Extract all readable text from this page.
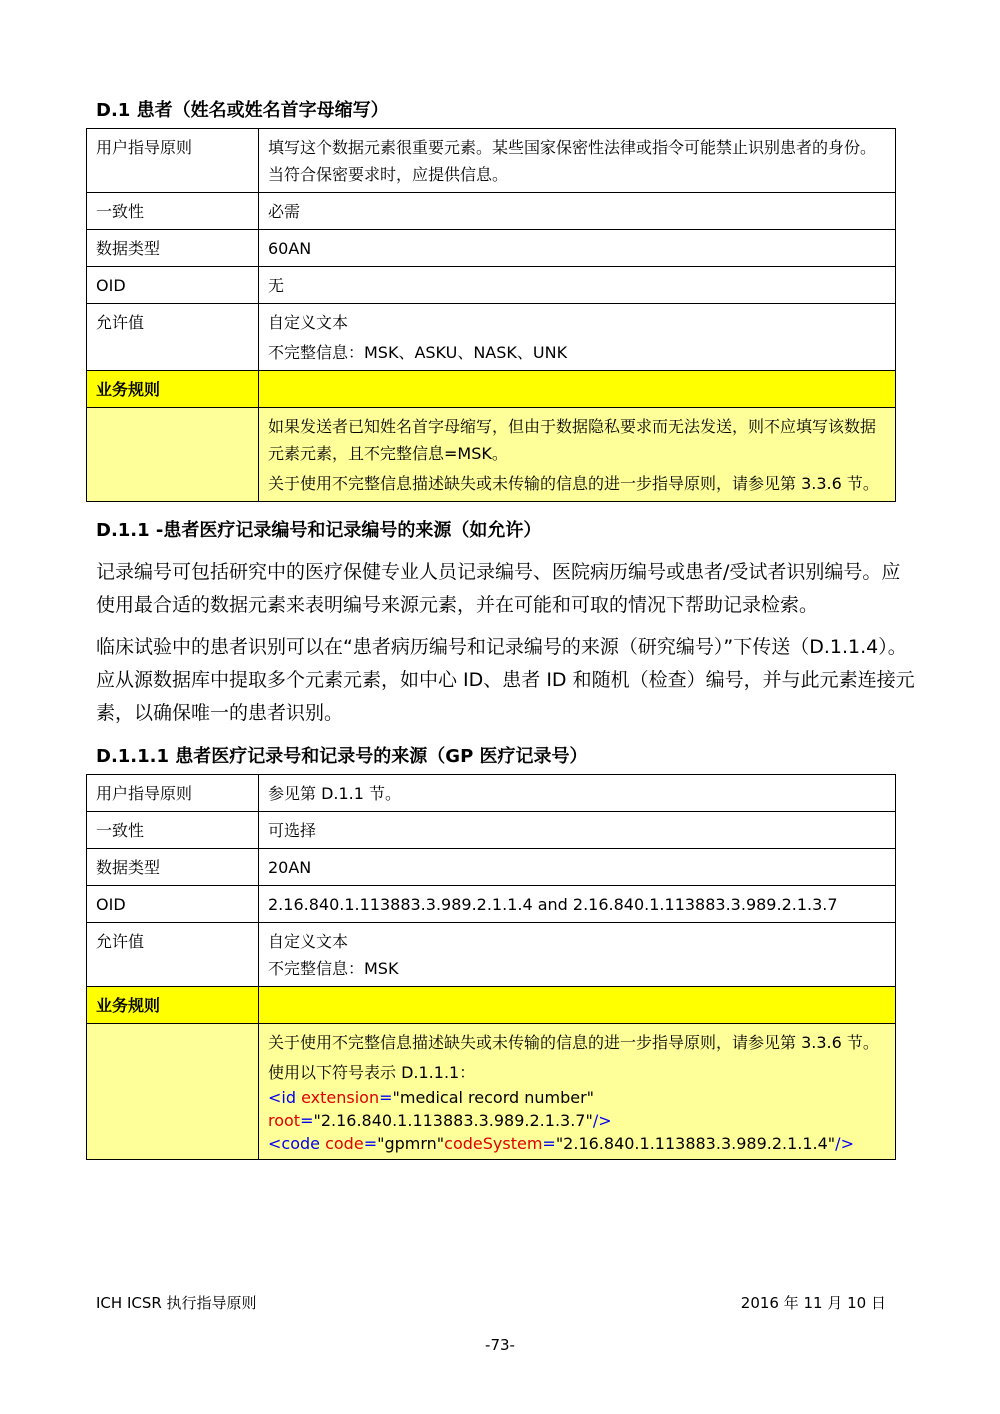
D.1 患者（姓名或姓名首字母缩写）
用户指导原则	填写这个数据元素很重要元素。某些国家保密性法律或指令可能禁止识别患者的身份。当符合保密要求时，应提供信息。
一致性	必需
数据类型	60AN
OID	无
允许值	自定义文本
不完整信息：MSK、ASKU、NASK、UNK

业务规则	

	如果发送者已知姓名首字母缩写，但由于数据隐私要求而无法发送，则不应填写该数据元素元素，且不完整信息=MSK。
关于使用不完整信息描述缺失或未传输的信息的进一步指导原则，请参见第 3.3.6 节。
D.1.1 -患者医疗记录编号和记录编号的来源（如允许）

记录编号可包括研究中的医疗保健专业人员记录编号、医院病历编号或患者/受试者识别编号。应使用最合适的数据元素来表明编号来源元素，并在可能和可取的情况下帮助记录检索。

临床试验中的患者识别可以在“患者病历编号和记录编号的来源（研究编号）”下传送（D.1.1.4）。应从源数据库中提取多个元素元素，如中心 ID、患者 ID 和随机（检查）编号，并与此元素连接元素，以确保唯一的患者识别。

D.1.1.1 患者医疗记录号和记录号的来源（GP 医疗记录号）
用户指导原则	参见第 D.1.1 节。
一致性	可选择
数据类型	20AN
OID	2.16.840.1.113883.3.989.2.1.1.4 and 2.16.840.1.113883.3.989.2.1.3.7
允许值	自定义文本
不完整信息：MSK

业务规则	

	关于使用不完整信息描述缺失或未传输的信息的进一步指导原则，请参见第 3.3.6 节。
使用以下符号表示 D.1.1.1：
<id extension="medical record number"
root="2.16.840.1.113883.3.989.2.1.3.7"/>
<code code="gpmrn"codeSystem="2.16.840.1.113883.3.989.2.1.1.4"/>
ICH ICSR 执行指导原则	2016 年 11 月 10 日
-73-
